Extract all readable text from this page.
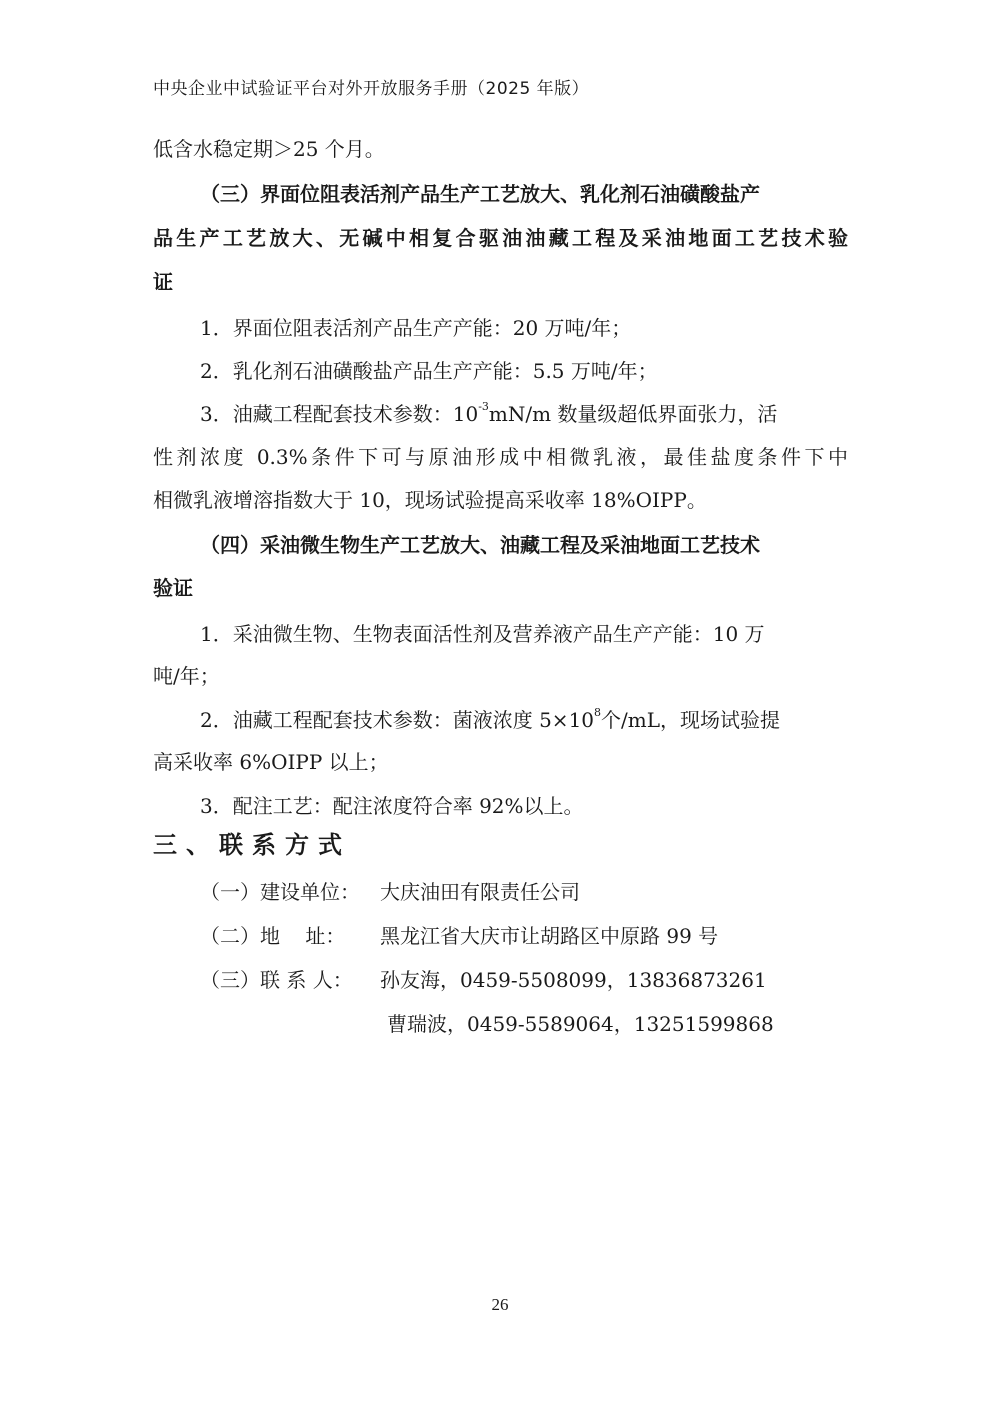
中央企业中试验证平台对外开放服务手册（2025 年版）
低含水稳定期＞25 个月。
（三）界面位阻表活剂产品生产工艺放大、乳化剂石油磺酸盐产
品生产工艺放大、无碱中相复合驱油油藏工程及采油地面工艺技术验
证
1．界面位阻表活剂产品生产产能：20 万吨/年；
2．乳化剂石油磺酸盐产品生产产能：5.5 万吨/年；
3．油藏工程配套技术参数：$10^{-3}mN/m$ 数量级超低界面张力，活
性剂浓度 0.3%条件下可与原油形成中相微乳液，最佳盐度条件下中
相微乳液增溶指数大于 10，现场试验提高采收率 18%OIPP。
（四）采油微生物生产工艺放大、油藏工程及采油地面工艺技术
验证
1．采油微生物、生物表面活性剂及营养液产品生产产能：10 万
吨/年；
2．油藏工程配套技术参数：菌液浓度 $5\times 10^8$个/mL，现场试验提
高采收率 6%OIPP 以上；
3．配注工艺：配注浓度符合率 92%以上。
三、联系方式
（一）建设单位： 大庆油田有限责任公司
（二）地    址： 黑龙江省大庆市让胡路区中原路 99 号
（三）联 系 人： 孙友海，0459-5508099，13836873261
曹瑞波，0459-5589064，13251599868
26
